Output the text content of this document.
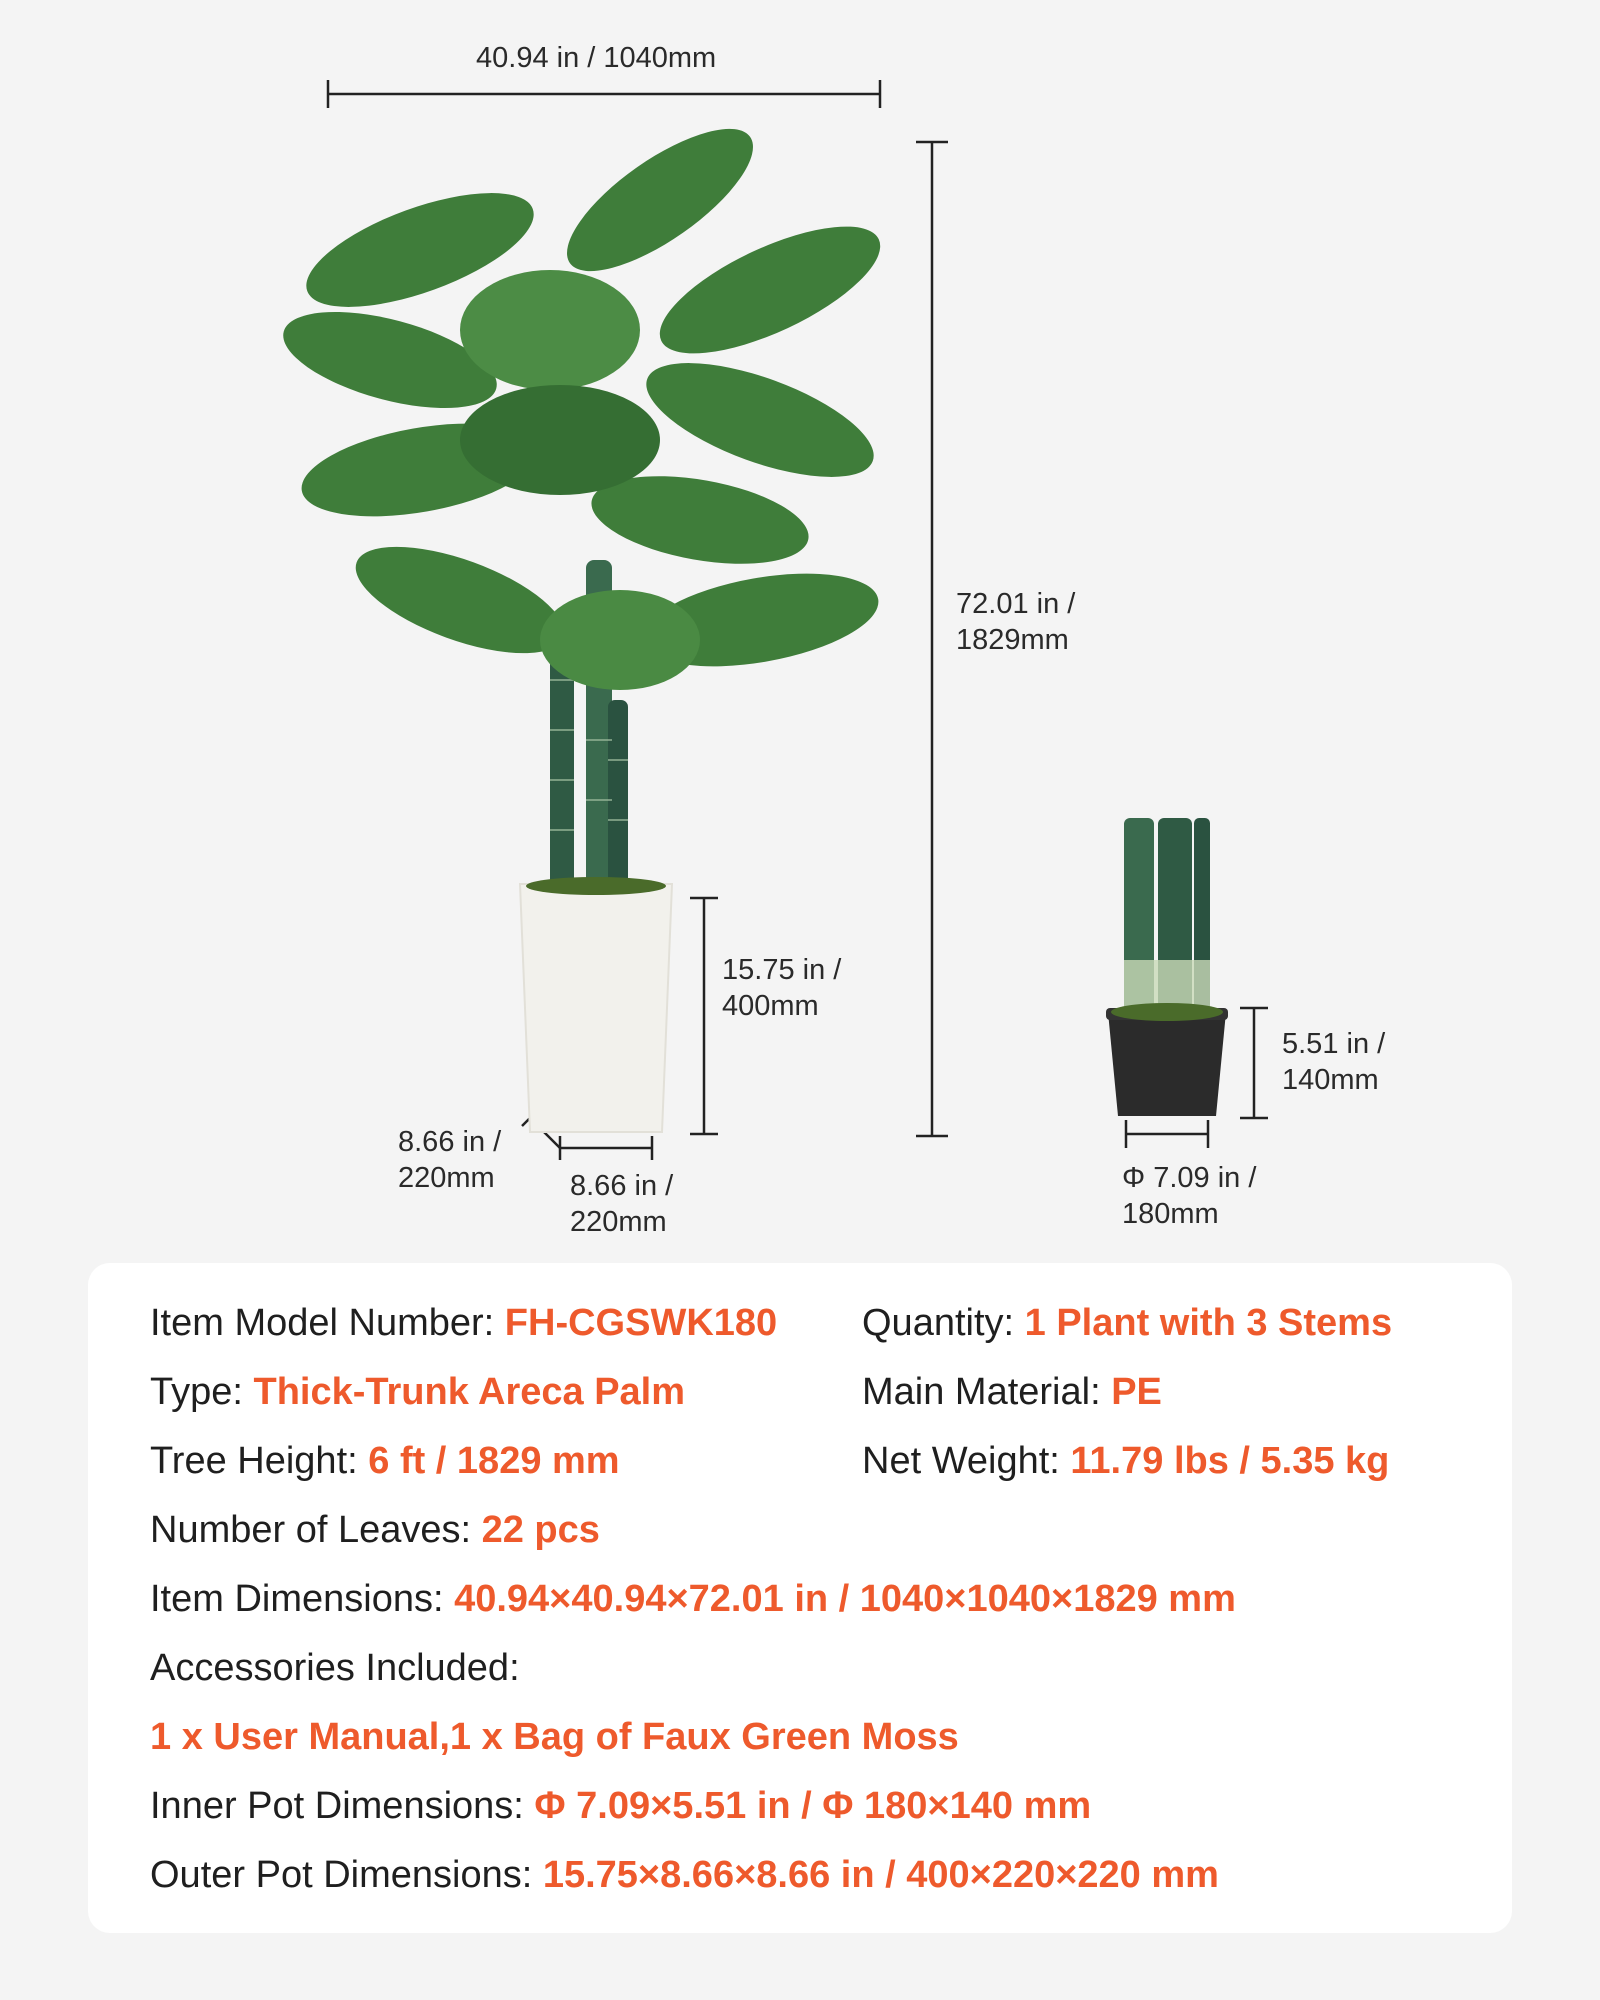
40.94 in / 1040mm
72.01 in /
1829mm
15.75 in /
400mm
8.66 in /
220mm	8.66 in /
220mm
5.51 in /
140mm
Φ 7.09 in /
180mm
Item Model Number: FH-CGSWK180 Quantity: 1 Plant with 3 Stems
Type: Thick-Trunk Areca Palm	Main Material: PE
Tree Height: 6 ft / 1829 mm	Net Weight: 11.79 lbs / 5.35 kg
Number of Leaves: 22 pcs
Item Dimensions: 40.94×40.94×72.01 in / 1040×1040×1829 mm
Accessories Included:
1 x User Manual,1 x Bag of Faux Green Moss
Inner Pot Dimensions: Φ 7.09×5.51 in / Φ 180×140 mm
Outer Pot Dimensions: 15.75×8.66×8.66 in / 400×220×220 mm
